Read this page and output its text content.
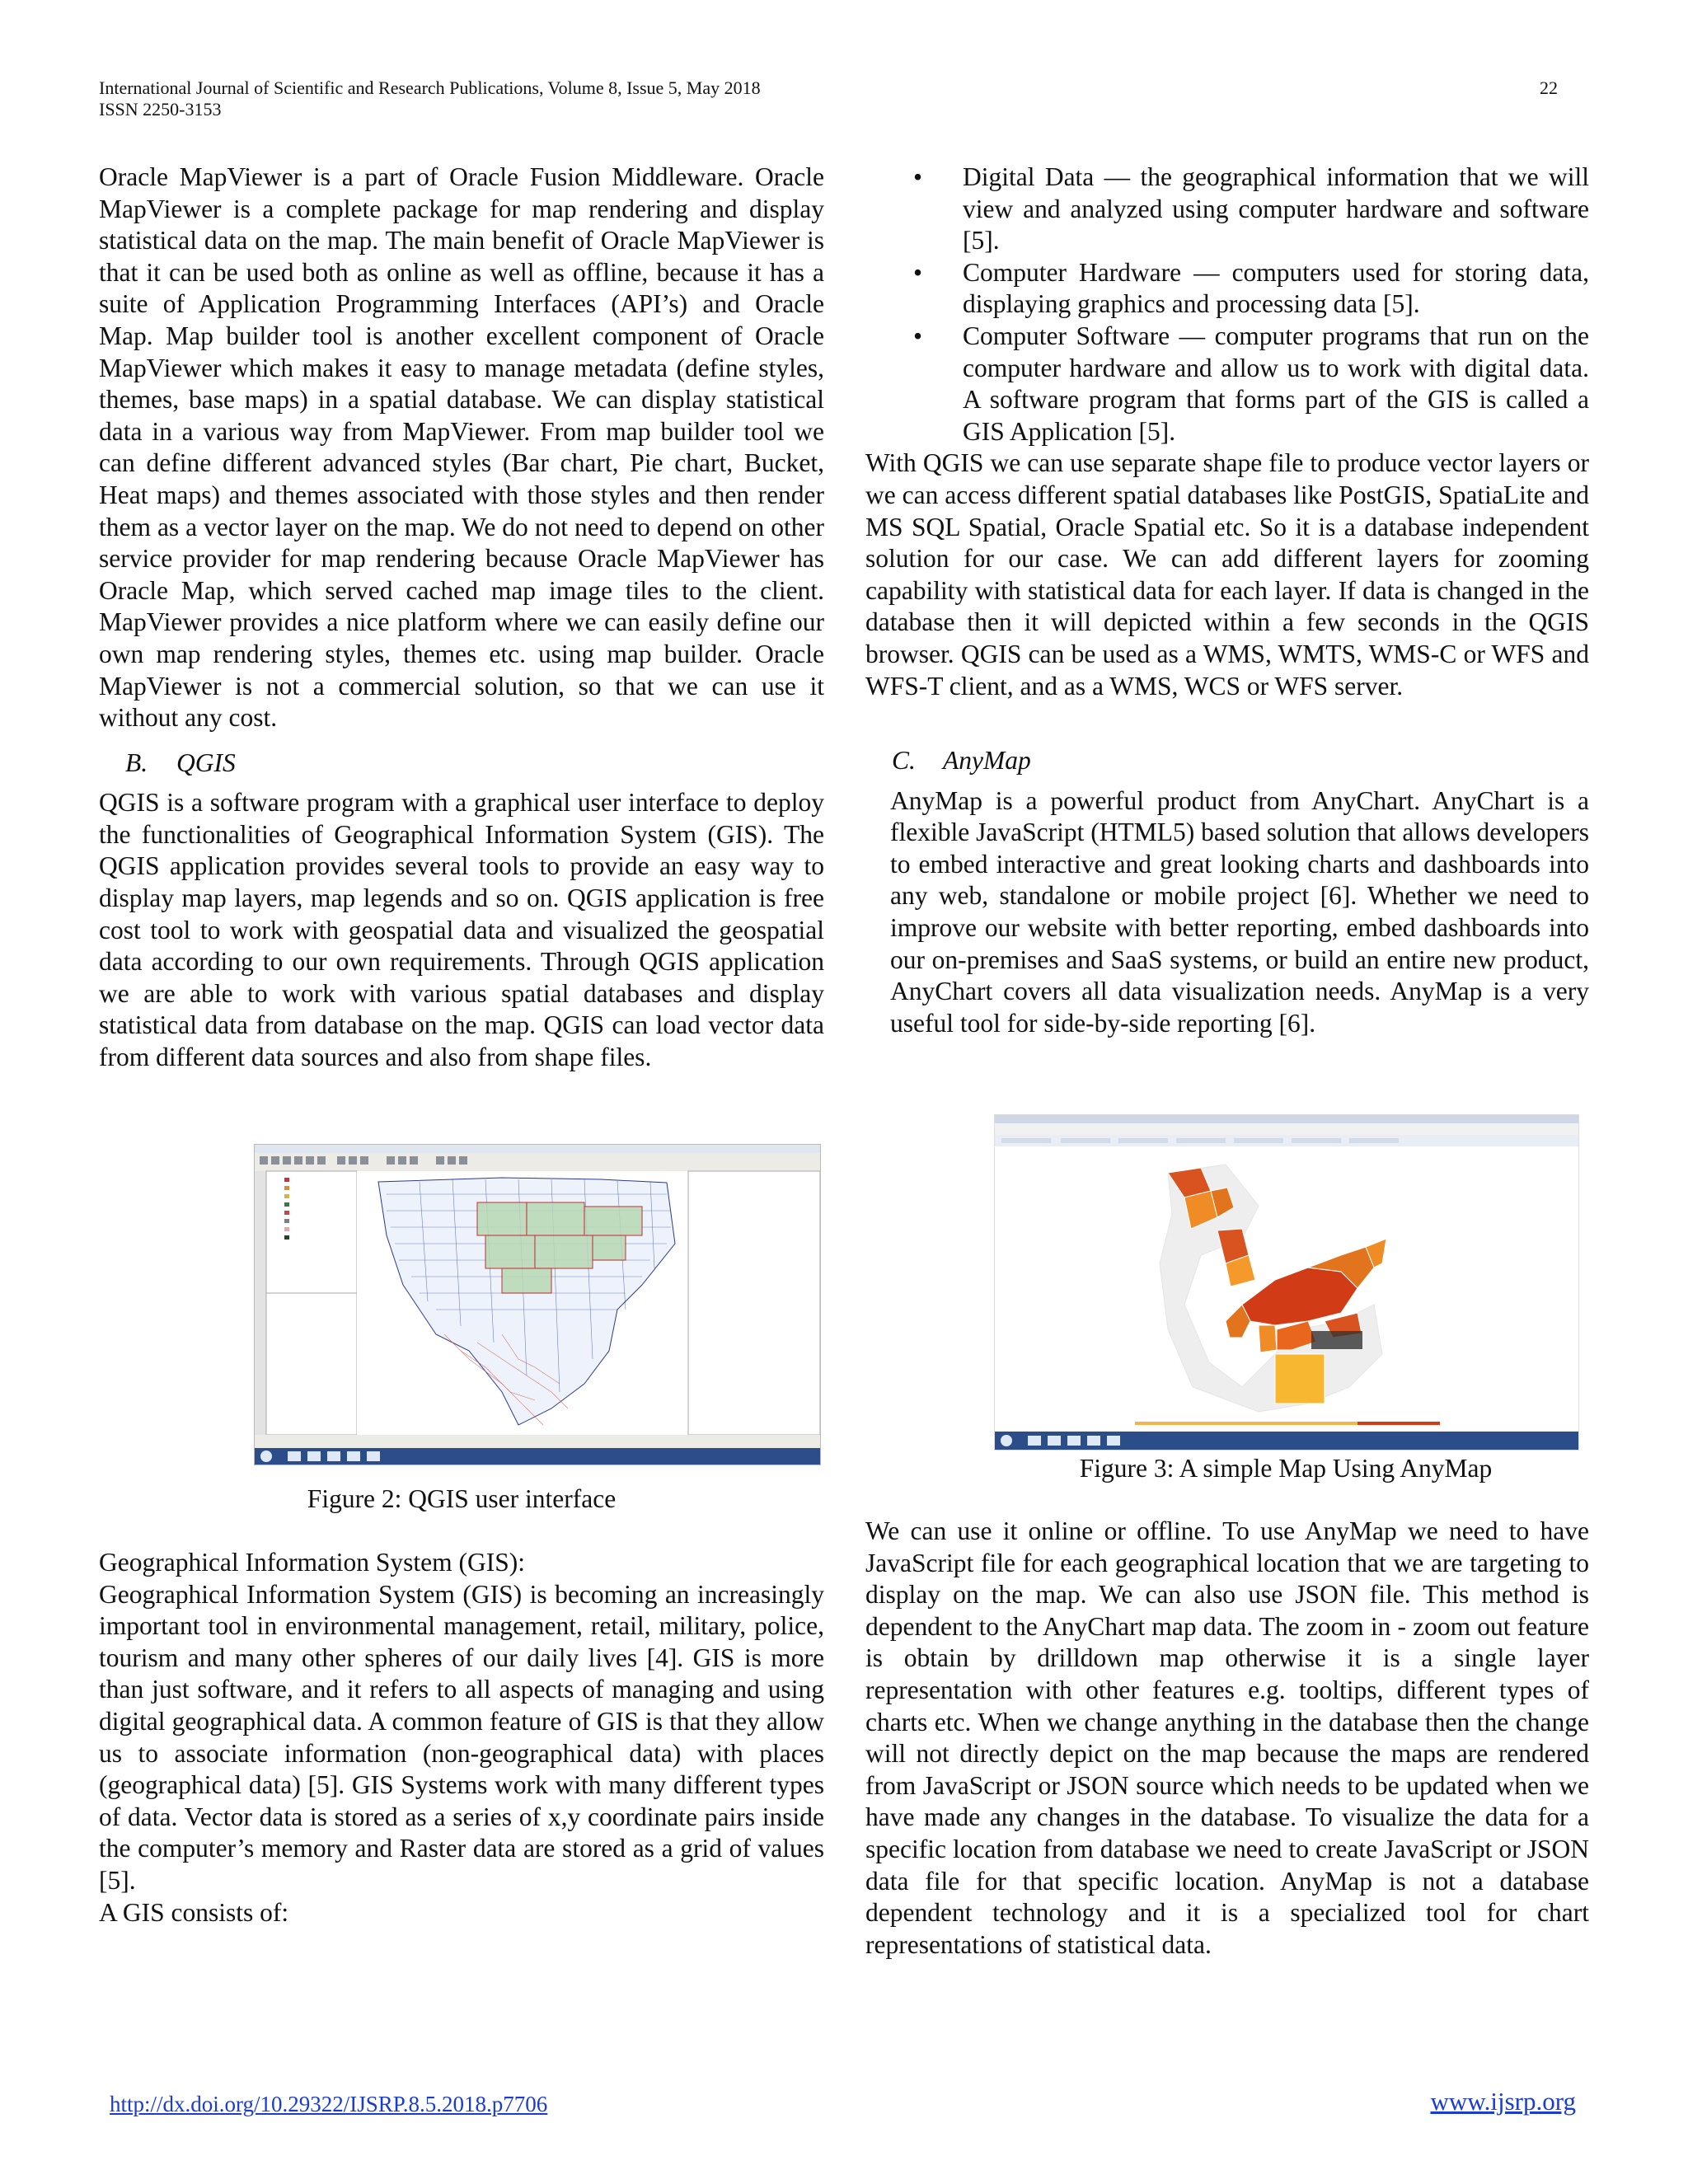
International Journal of Scientific and Research Publications, Volume 8, Issue 5, May 2018
ISSN 2250-3153
22

Oracle MapViewer is a part of Oracle Fusion Middleware. Oracle MapViewer is a complete package for map rendering and display statistical data on the map. The main benefit of Oracle MapViewer is that it can be used both as online as well as offline, because it has a suite of Application Programming Interfaces (API’s) and Oracle Map. Map builder tool is another excellent component of Oracle MapViewer which makes it easy to manage metadata (define styles, themes, base maps) in a spatial database. We can display statistical data in a various way from MapViewer. From map builder tool we can define different advanced styles (Bar chart, Pie chart, Bucket, Heat maps) and themes associated with those styles and then render them as a vector layer on the map. We do not need to depend on other service provider for map rendering because Oracle MapViewer has Oracle Map, which served cached map image tiles to the client. MapViewer provides a nice platform where we can easily define our own map rendering styles, themes etc. using map builder. Oracle MapViewer is not a commercial solution, so that we can use it without any cost.

B. QGIS

QGIS is a software program with a graphical user interface to deploy the functionalities of Geographical Information System (GIS). The QGIS application provides several tools to provide an easy way to display map layers, map legends and so on. QGIS application is free cost tool to work with geospatial data and visualized the geospatial data according to our own requirements. Through QGIS application we are able to work with various spatial databases and display statistical data from database on the map. QGIS can load vector data from different data sources and also from shape files.

Figure 2: QGIS user interface

Geographical Information System (GIS):

Geographical Information System (GIS) is becoming an increasingly important tool in environmental management, retail, military, police, tourism and many other spheres of our daily lives [4]. GIS is more than just software, and it refers to all aspects of managing and using digital geographical data. A common feature of GIS is that they allow us to associate information (non-geographical data) with places (geographical data) [5]. GIS Systems work with many different types of data. Vector data is stored as a series of x,y coordinate pairs inside the computer’s memory and Raster data are stored as a grid of values [5].

A GIS consists of:

• Digital Data — the geographical information that we will view and analyzed using computer hardware and software [5].
• Computer Hardware — computers used for storing data, displaying graphics and processing data [5].
• Computer Software — computer programs that run on the computer hardware and allow us to work with digital data. A software program that forms part of the GIS is called a GIS Application [5].

With QGIS we can use separate shape file to produce vector layers or we can access different spatial databases like PostGIS, SpatiaLite and MS SQL Spatial, Oracle Spatial etc. So it is a database independent solution for our case. We can add different layers for zooming capability with statistical data for each layer. If data is changed in the database then it will depicted within a few seconds in the QGIS browser. QGIS can be used as a WMS, WMTS, WMS-C or WFS and WFS-T client, and as a WMS, WCS or WFS server.

C. AnyMap

AnyMap is a powerful product from AnyChart. AnyChart is a flexible JavaScript (HTML5) based solution that allows developers to embed interactive and great looking charts and dashboards into any web, standalone or mobile project [6]. Whether we need to improve our website with better reporting, embed dashboards into our on-premises and SaaS systems, or build an entire new product, AnyChart covers all data visualization needs. AnyMap is a very useful tool for side-by-side reporting [6].

Figure 3: A simple Map Using AnyMap

We can use it online or offline. To use AnyMap we need to have JavaScript file for each geographical location that we are targeting to display on the map. We can also use JSON file. This method is dependent to the AnyChart map data. The zoom in - zoom out feature is obtain by drilldown map otherwise it is a single layer representation with other features e.g. tooltips, different types of charts etc. When we change anything in the database then the change will not directly depict on the map because the maps are rendered from JavaScript or JSON source which needs to be updated when we have made any changes in the database. To visualize the data for a specific location from database we need to create JavaScript or JSON data file for that specific location. AnyMap is not a database dependent technology and it is a specialized tool for chart representations of statistical data.

http://dx.doi.org/10.29322/IJSRP.8.5.2018.p7706	www.ijsrp.org
